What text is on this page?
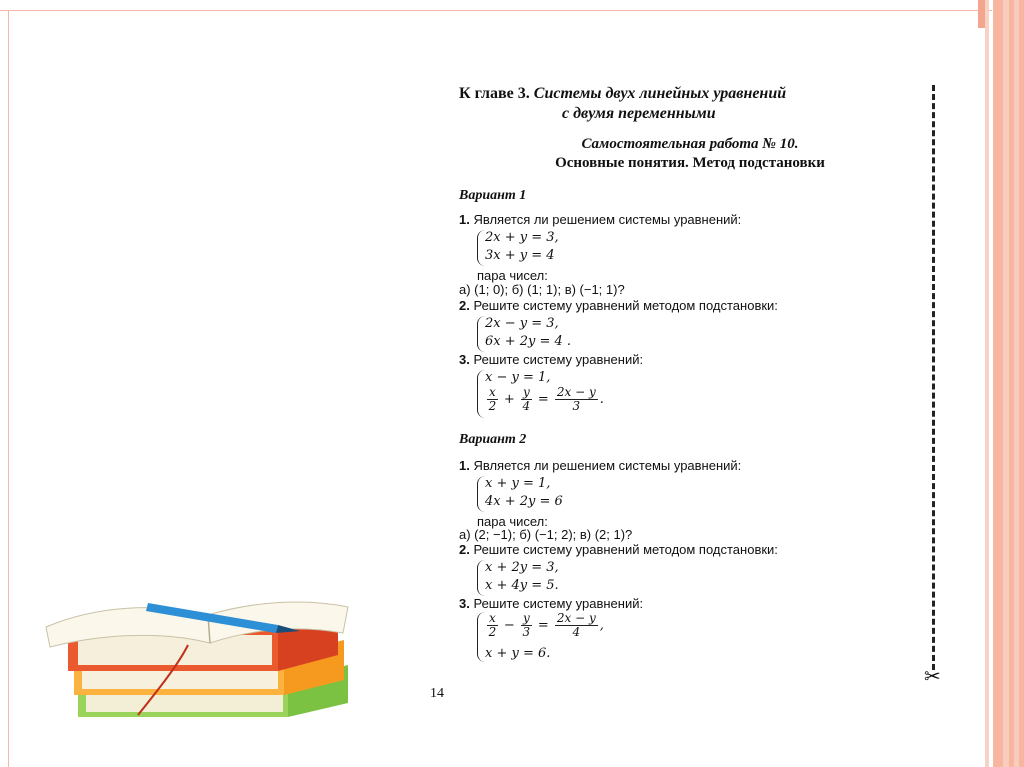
К главе 3. Системы двух линейных уравнений
с двумя переменными
Самостоятельная работа № 10.
Основные понятия. Метод подстановки
Вариант 1
1. Является ли решением системы уравнений:
2x + y = 3,
3x + y = 4
пара чисел:
а) (1; 0); б) (1; 1); в) (−1; 1)?
2. Решите систему уравнений методом подстановки:
2x − y = 3,
6x + 2y = 4 .
3. Решите систему уравнений:
x − y = 1,
$\frac{x}{2} + \frac{y}{4} = \frac{2x - y}{3}$ .
Вариант 2
1. Является ли решением системы уравнений:
x + y = 1,
4x + 2y = 6
пара чисел:
а) (2; −1); б) (−1; 2); в) (2; 1)?
2. Решите систему уравнений методом подстановки:
x + 2y = 3,
x + 4y = 5.
3. Решите систему уравнений:
$\frac{x}{2} - \frac{y}{3} = \frac{2x - y}{4}$ ,
x + y = 6.
14
✂
